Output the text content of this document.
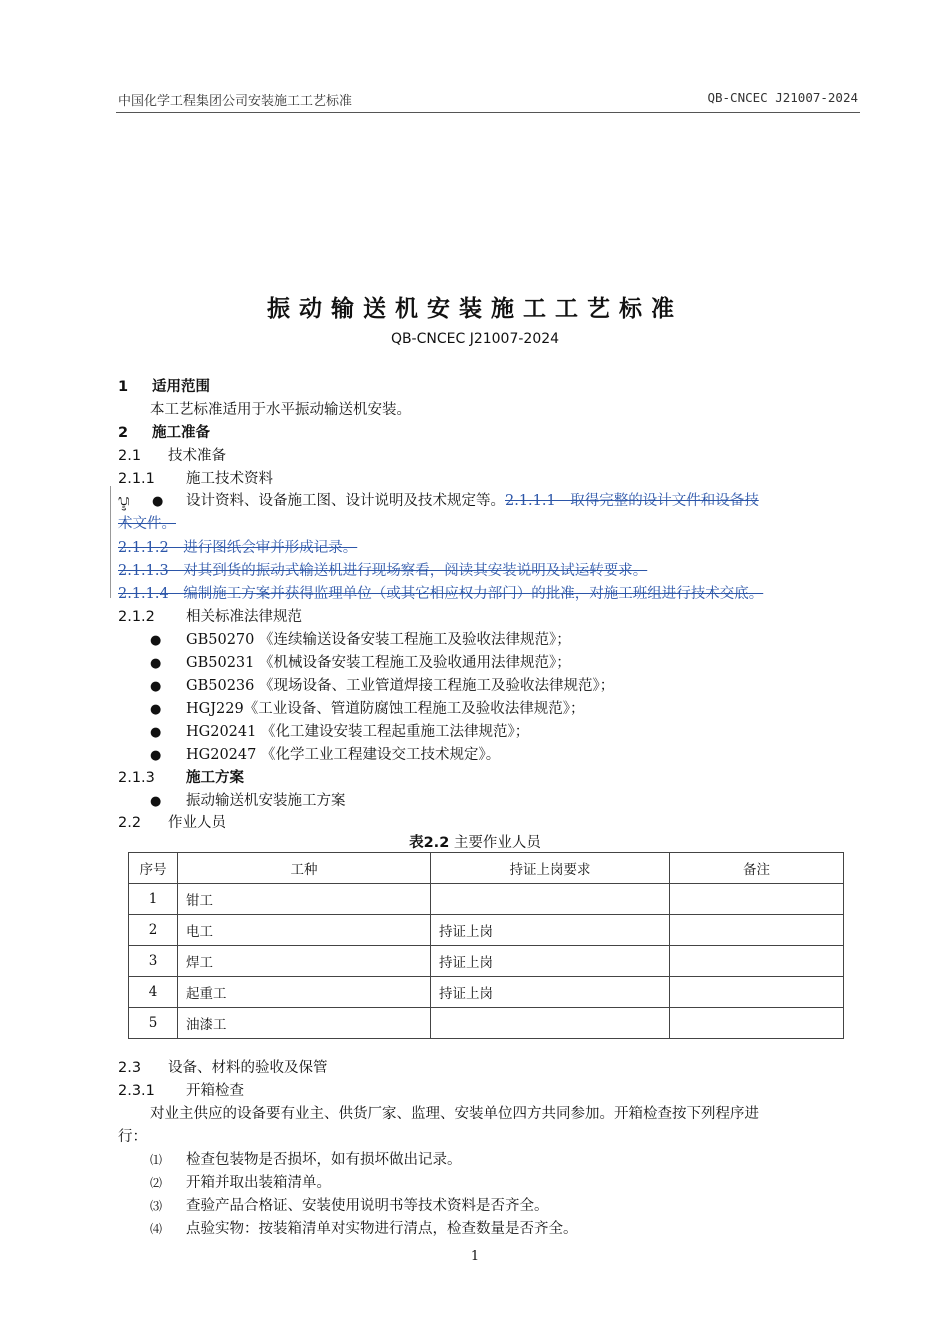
中国化学工程集团公司安装施工工艺标准	QB-CNCEC J21007-2024
振动输送机安装施工工艺标准
QB-CNCEC J21007-2024
1 适用范围
本工艺标准适用于水平振动输送机安装。
2 施工准备
2.1 技术准备
2.1.1 施工技术资料
ᬋ ● 设计资料、设备施工图、设计说明及技术规定等。2.1.1.1　取得完整的设计文件和设备技
术文件。
2.1.1.2　进行图纸会审并形成记录。
2.1.1.3　对其到货的振动式输送机进行现场察看，阅读其安装说明及试运转要求。
2.1.1.4　编制施工方案并获得监理单位（或其它相应权力部门）的批准，对施工班组进行技术交底。
2.1.2 相关标准法律规范
● GB50270 《连续输送设备安装工程施工及验收法律规范》；
● GB50231 《机械设备安装工程施工及验收通用法律规范》；
● GB50236 《现场设备、工业管道焊接工程施工及验收法律规范》；
● HGJ229《工业设备、管道防腐蚀工程施工及验收法律规范》；
● HG20241 《化工建设安装工程起重施工法律规范》；
● HG20247 《化学工业工程建设交工技术规定》。
2.1.3 施工方案
● 振动输送机安装施工方案
2.2 作业人员
表2.2 主要作业人员
序号	工种	持证上岗要求	备注
1	钳工		
2	电工	持证上岗	
3	焊工	持证上岗	
4	起重工	持证上岗	
5	油漆工		
2.3 设备、材料的验收及保管
2.3.1 开箱检查
对业主供应的设备要有业主、供货厂家、监理、安装单位四方共同参加。开箱检查按下列程序进
行：
⑴ 检查包装物是否损坏，如有损坏做出记录。
⑵ 开箱并取出装箱清单。
⑶ 查验产品合格证、安装使用说明书等技术资料是否齐全。
⑷ 点验实物：按装箱清单对实物进行清点，检查数量是否齐全。
1
